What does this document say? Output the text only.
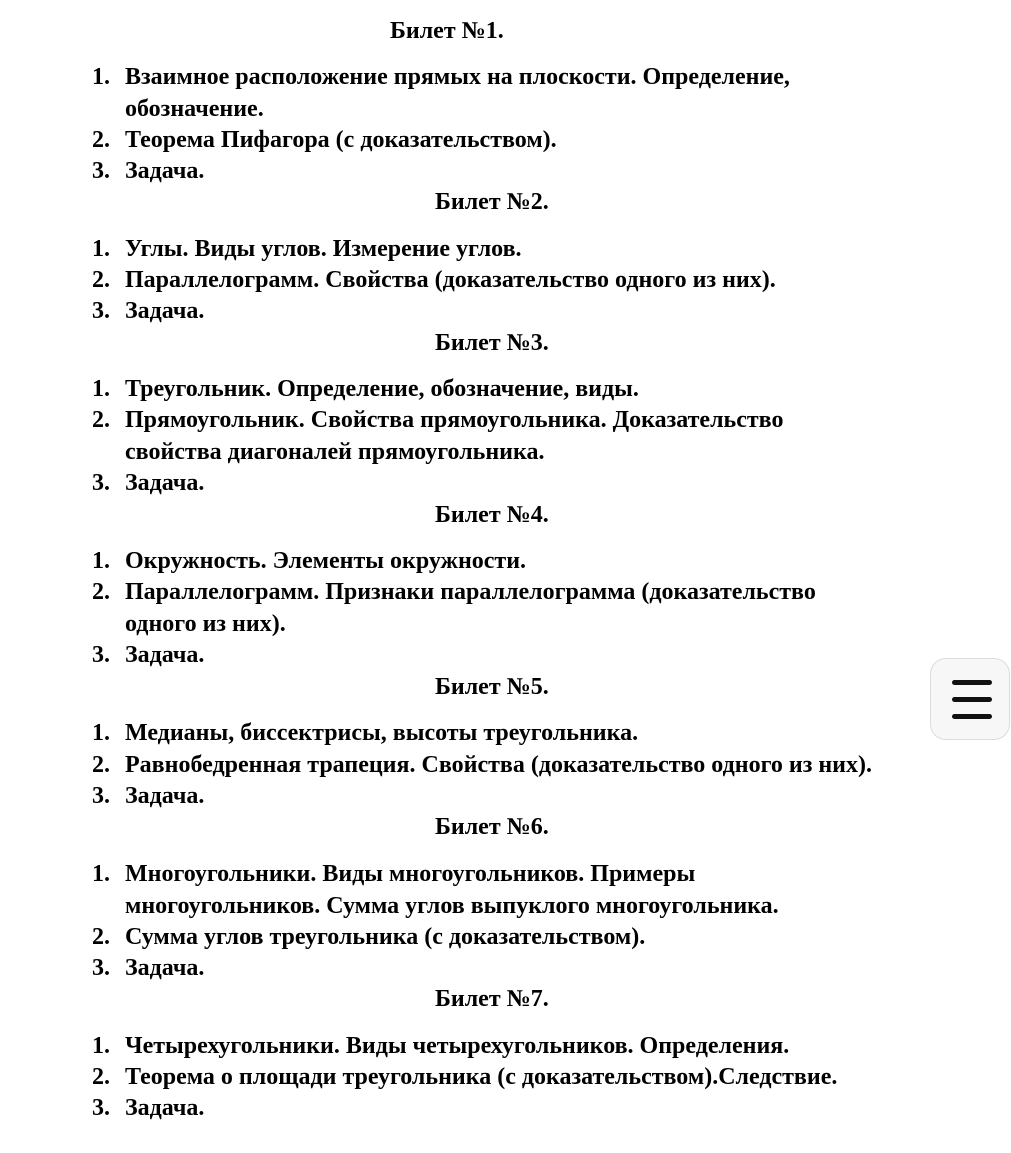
Билет №1.
1. Взаимное расположение прямых на плоскости. Определение,
обозначение.
2. Теорема Пифагора (с доказательством).
3. Задача.
Билет №2.
1. Углы. Виды углов. Измерение углов.
2. Параллелограмм. Свойства (доказательство одного из них).
3. Задача.
Билет №3.
1. Треугольник. Определение, обозначение, виды.
2. Прямоугольник. Свойства прямоугольника. Доказательство
свойства диагоналей прямоугольника.
3. Задача.
Билет №4.
1. Окружность. Элементы окружности.
2. Параллелограмм. Признаки параллелограмма (доказательство
одного из них).
3. Задача.
Билет №5.
1. Медианы, биссектрисы, высоты треугольника.
2. Равнобедренная трапеция. Свойства (доказательство одного из них).
3. Задача.
Билет №6.
1. Многоугольники. Виды многоугольников. Примеры
многоугольников. Сумма углов выпуклого многоугольника.
2. Сумма углов треугольника (с доказательством).
3. Задача.
Билет №7.
1. Четырехугольники. Виды четырехугольников. Определения.
2. Теорема о площади треугольника (с доказательством).Следствие.
3. Задача.
